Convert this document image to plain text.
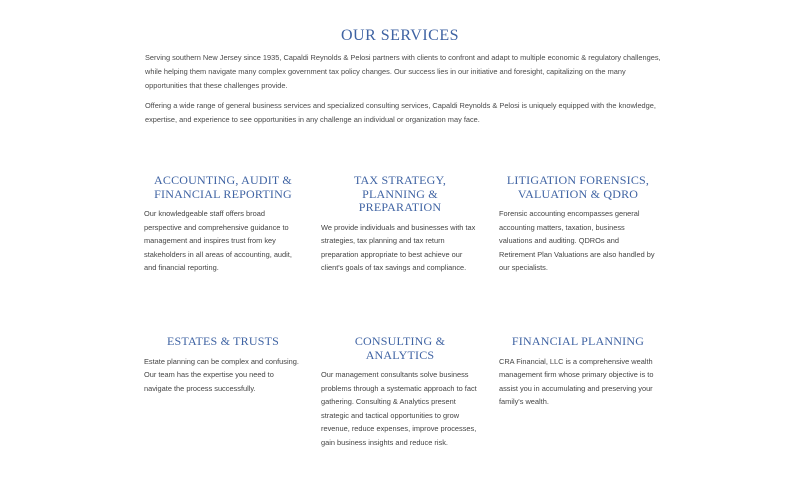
OUR SERVICES

Serving southern New Jersey since 1935, Capaldi Reynolds & Pelosi partners with clients to confront and adapt to multiple economic & regulatory challenges, while helping them navigate many complex government tax policy changes. Our success lies in our initiative and foresight, capitalizing on the many opportunities that these challenges provide.

Offering a wide range of general business services and specialized consulting services, Capaldi Reynolds & Pelosi is uniquely equipped with the knowledge, expertise, and experience to see opportunities in any challenge an individual or organization may face.

ACCOUNTING, AUDIT & FINANCIAL REPORTING

Our knowledgeable staff offers broad perspective and comprehensive guidance to management and inspires trust from key stakeholders in all areas of accounting, audit, and financial reporting.

TAX STRATEGY, PLANNING & PREPARATION

We provide individuals and businesses with tax strategies, tax planning and tax return preparation appropriate to best achieve our client's goals of tax savings and compliance.

LITIGATION FORENSICS, VALUATION & QDRO

Forensic accounting encompasses general accounting matters, taxation, business valuations and auditing. QDROs and Retirement Plan Valuations are also handled by our specialists.

ESTATES & TRUSTS

Estate planning can be complex and confusing. Our team has the expertise you need to navigate the process successfully.

CONSULTING & ANALYTICS

Our management consultants solve business problems through a systematic approach to fact gathering. Consulting & Analytics present strategic and tactical opportunities to grow revenue, reduce expenses, improve processes, gain business insights and reduce risk.

FINANCIAL PLANNING

CRA Financial, LLC is a comprehensive wealth management firm whose primary objective is to assist you in accumulating and preserving your family's wealth.
